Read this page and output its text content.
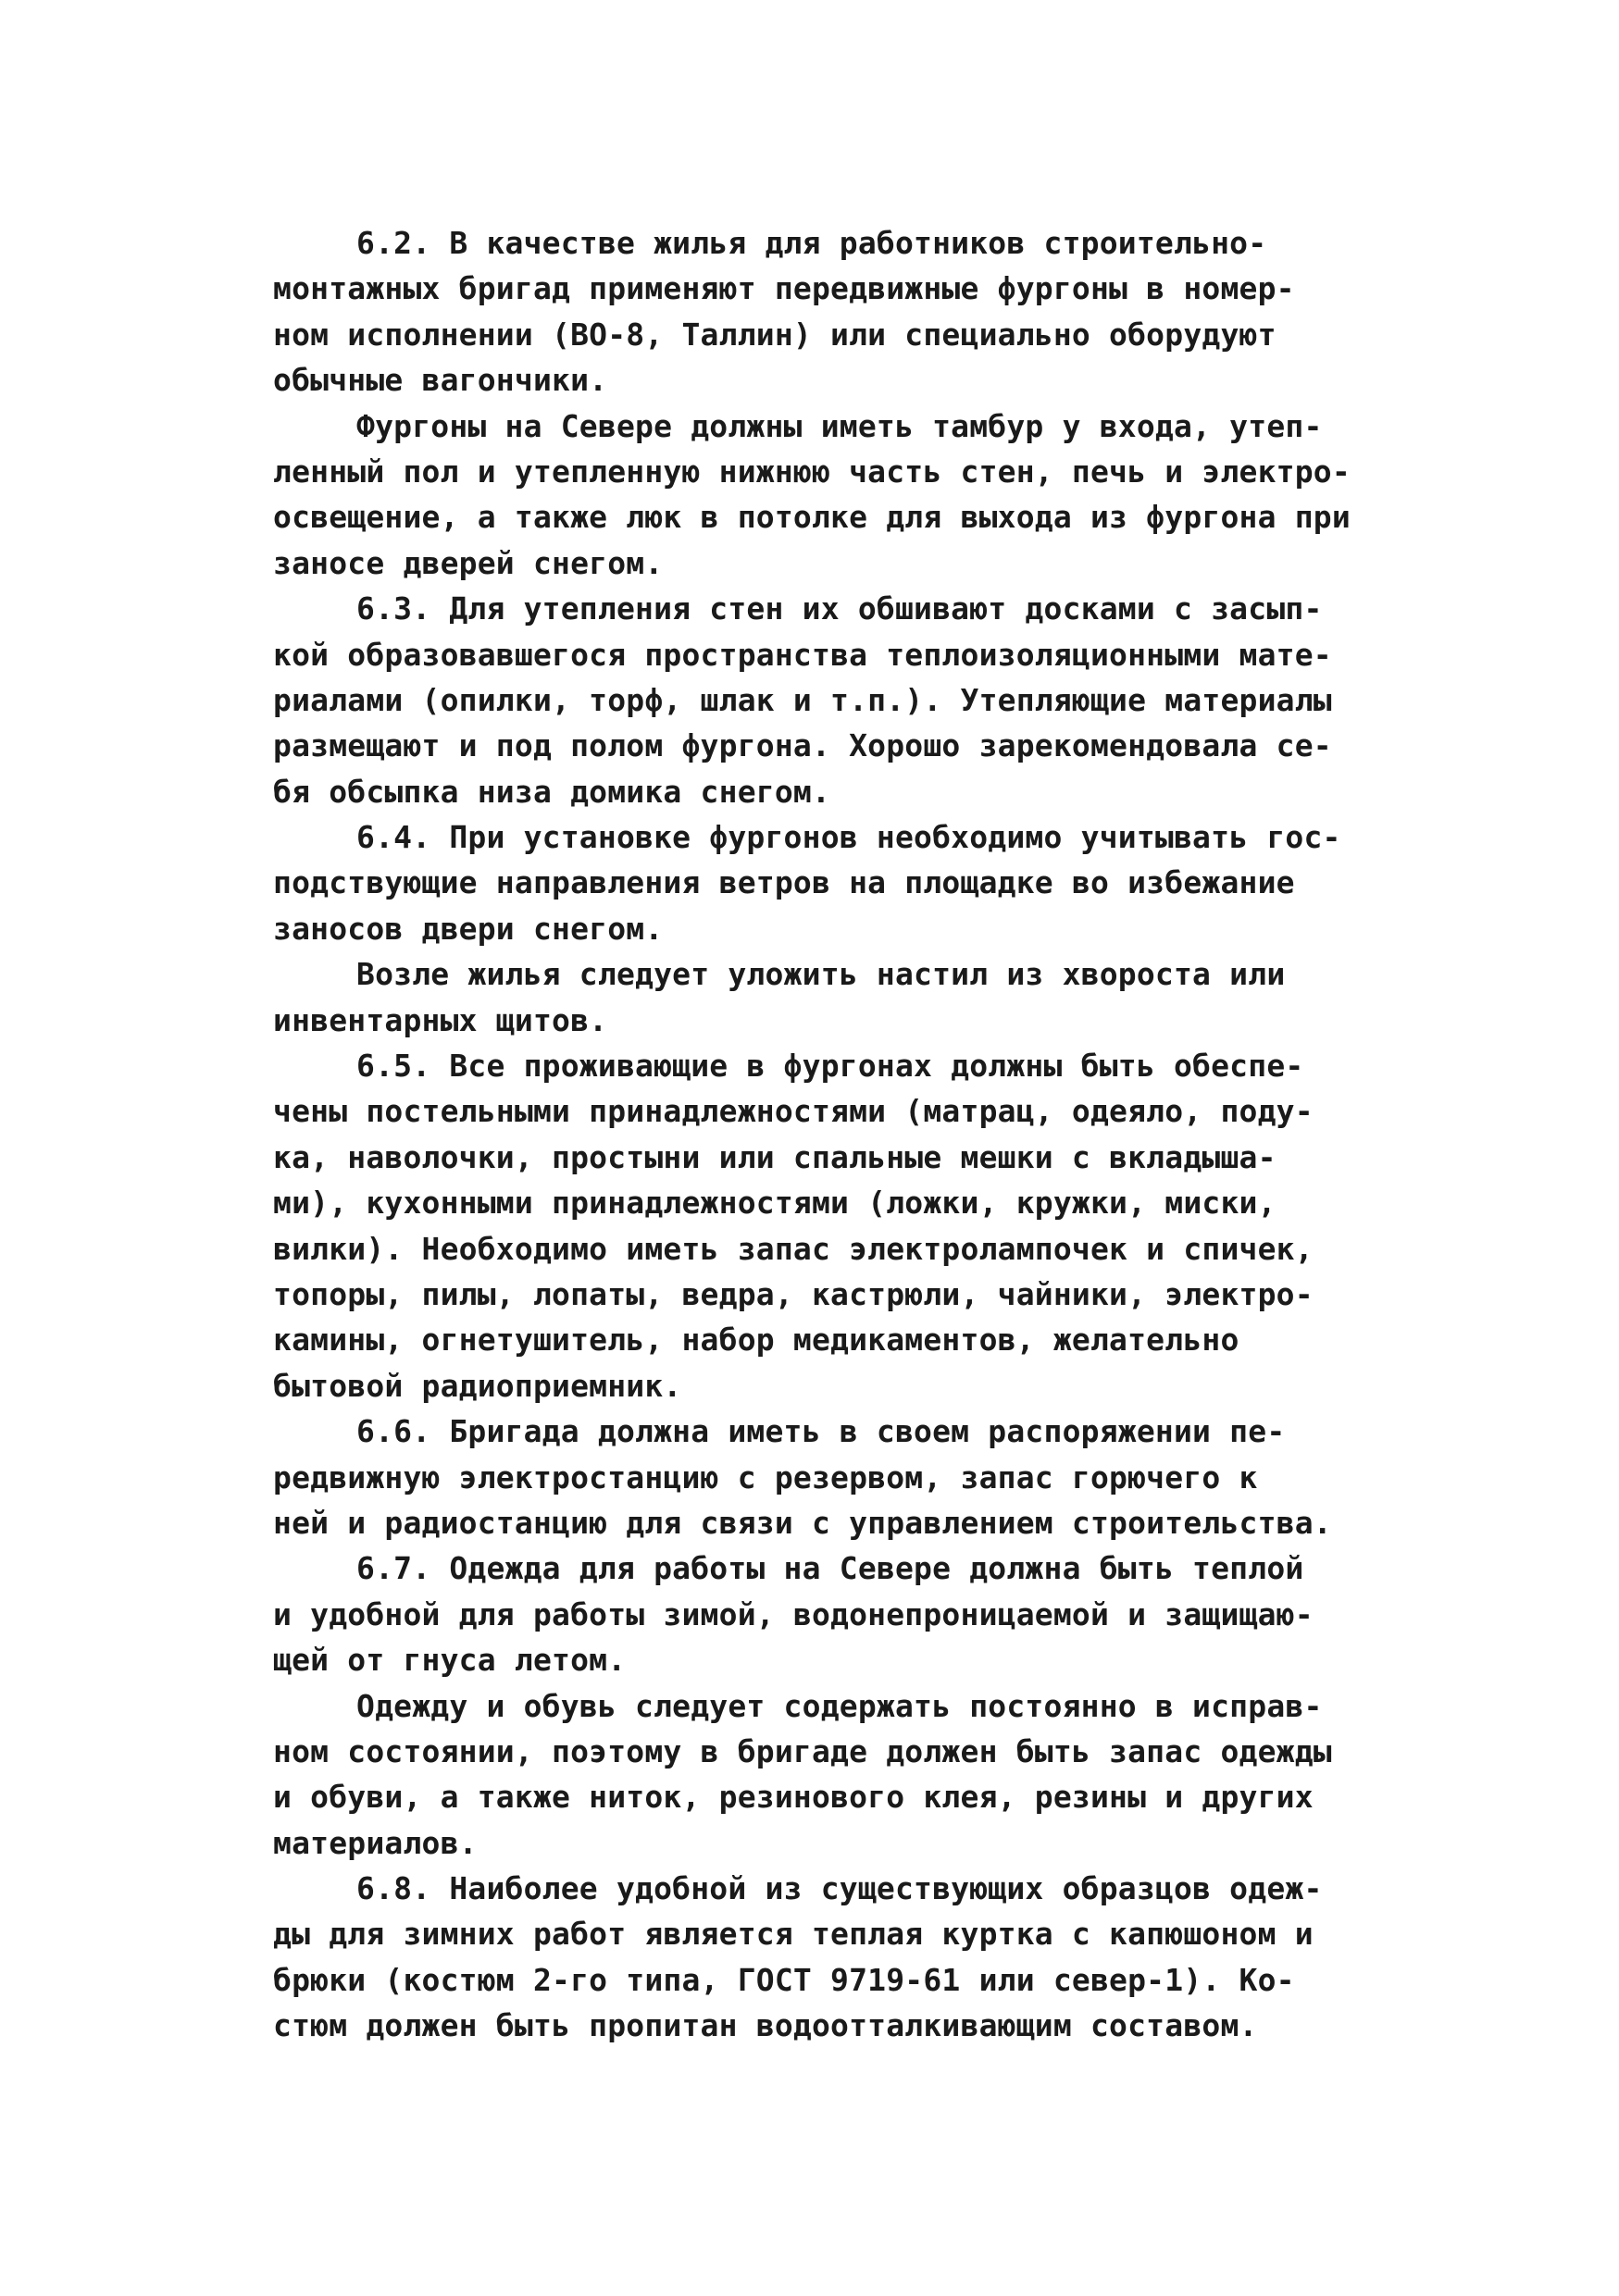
6.2. В качестве жилья для работников строительно-
монтажных бригад применяют передвижные фургоны в номер-
ном исполнении (ВО-8, Таллин) или специально оборудуют
обычные вагончики.
Фургоны на Севере должны иметь тамбур у входа, утеп-
ленный пол и утепленную нижнюю часть стен, печь и электро-
освещение, а также люк в потолке для выхода из фургона при
заносе дверей снегом.
6.3. Для утепления стен их обшивают досками с засып-
кой образовавшегося пространства теплоизоляционными мате-
риалами (опилки, торф, шлак и т.п.). Утепляющие материалы
размещают и под полом фургона. Хорошо зарекомендовала се-
бя обсыпка низа домика снегом.
6.4. При установке фургонов необходимо учитывать гос-
подствующие направления ветров на площадке во избежание
заносов двери снегом.
Возле жилья следует уложить настил из хвороста или
инвентарных щитов.
6.5. Все проживающие в фургонах должны быть обеспе-
чены постельными принадлежностями (матрац, одеяло, поду-
ка, наволочки, простыни или спальные мешки с вкладыша-
ми), кухонными принадлежностями (ложки, кружки, миски,
вилки). Необходимо иметь запас электролампочек и спичек,
топоры, пилы, лопаты, ведра, кастрюли, чайники, электро-
камины, огнетушитель, набор медикаментов, желательно
бытовой радиоприемник.
6.6. Бригада должна иметь в своем распоряжении пе-
редвижную электростанцию с резервом, запас горючего к
ней и радиостанцию для связи с управлением строительства.
6.7. Одежда для работы на Севере должна быть теплой
и удобной для работы зимой, водонепроницаемой и защищаю-
щей от гнуса летом.
Одежду и обувь следует содержать постоянно в исправ-
ном состоянии, поэтому в бригаде должен быть запас одежды
и обуви, а также ниток, резинового клея, резины и других
материалов.
6.8. Наиболее удобной из существующих образцов одеж-
ды для зимних работ является теплая куртка с капюшоном и
брюки (костюм 2-го типа, ГОСТ 9719-61 или север-1). Ко-
стюм должен быть пропитан водоотталкивающим составом.
